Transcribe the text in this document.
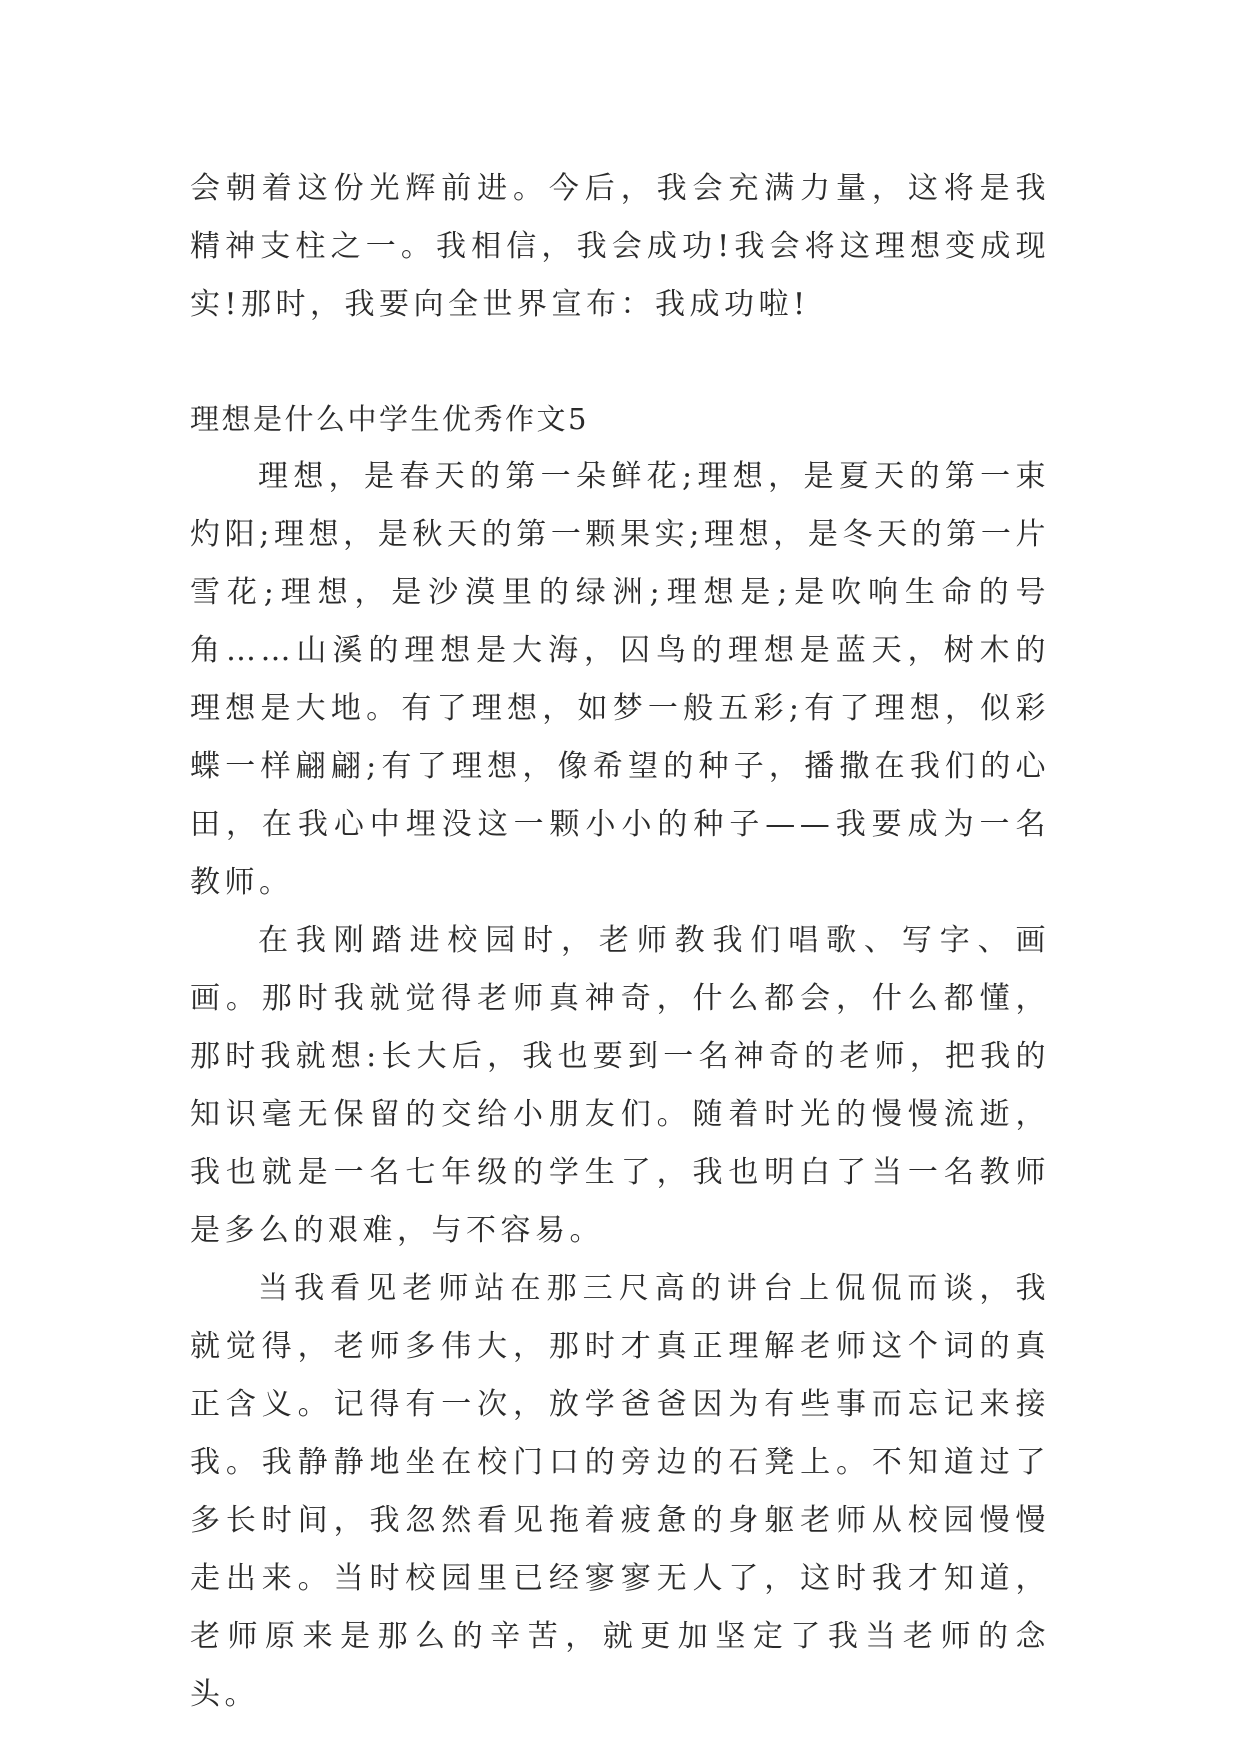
会朝着这份光辉前进。今后，我会充满力量，这将是我精神支柱之一。我相信，我会成功!我会将这理想变成现实!那时，我要向全世界宣布：我成功啦!

理想是什么中学生优秀作文5

理想，是春天的第一朵鲜花;理想，是夏天的第一束灼阳;理想，是秋天的第一颗果实;理想，是冬天的第一片雪花;理想，是沙漠里的绿洲;理想是;是吹响生命的号角……山溪的理想是大海，囚鸟的理想是蓝天，树木的理想是大地。有了理想，如梦一般五彩;有了理想，似彩蝶一样翩翩;有了理想，像希望的种子，播撒在我们的心田，在我心中埋没这一颗小小的种子——我要成为一名教师。

在我刚踏进校园时，老师教我们唱歌、写字、画画。那时我就觉得老师真神奇，什么都会，什么都懂，那时我就想:长大后，我也要到一名神奇的老师，把我的知识毫无保留的交给小朋友们。随着时光的慢慢流逝，我也就是一名七年级的学生了，我也明白了当一名教师是多么的艰难，与不容易。

当我看见老师站在那三尺高的讲台上侃侃而谈，我就觉得，老师多伟大，那时才真正理解老师这个词的真正含义。记得有一次，放学爸爸因为有些事而忘记来接我。我静静地坐在校门口的旁边的石凳上。不知道过了多长时间，我忽然看见拖着疲惫的身躯老师从校园慢慢走出来。当时校园里已经寥寥无人了，这时我才知道，老师原来是那么的辛苦，就更加坚定了我当老师的念头。
